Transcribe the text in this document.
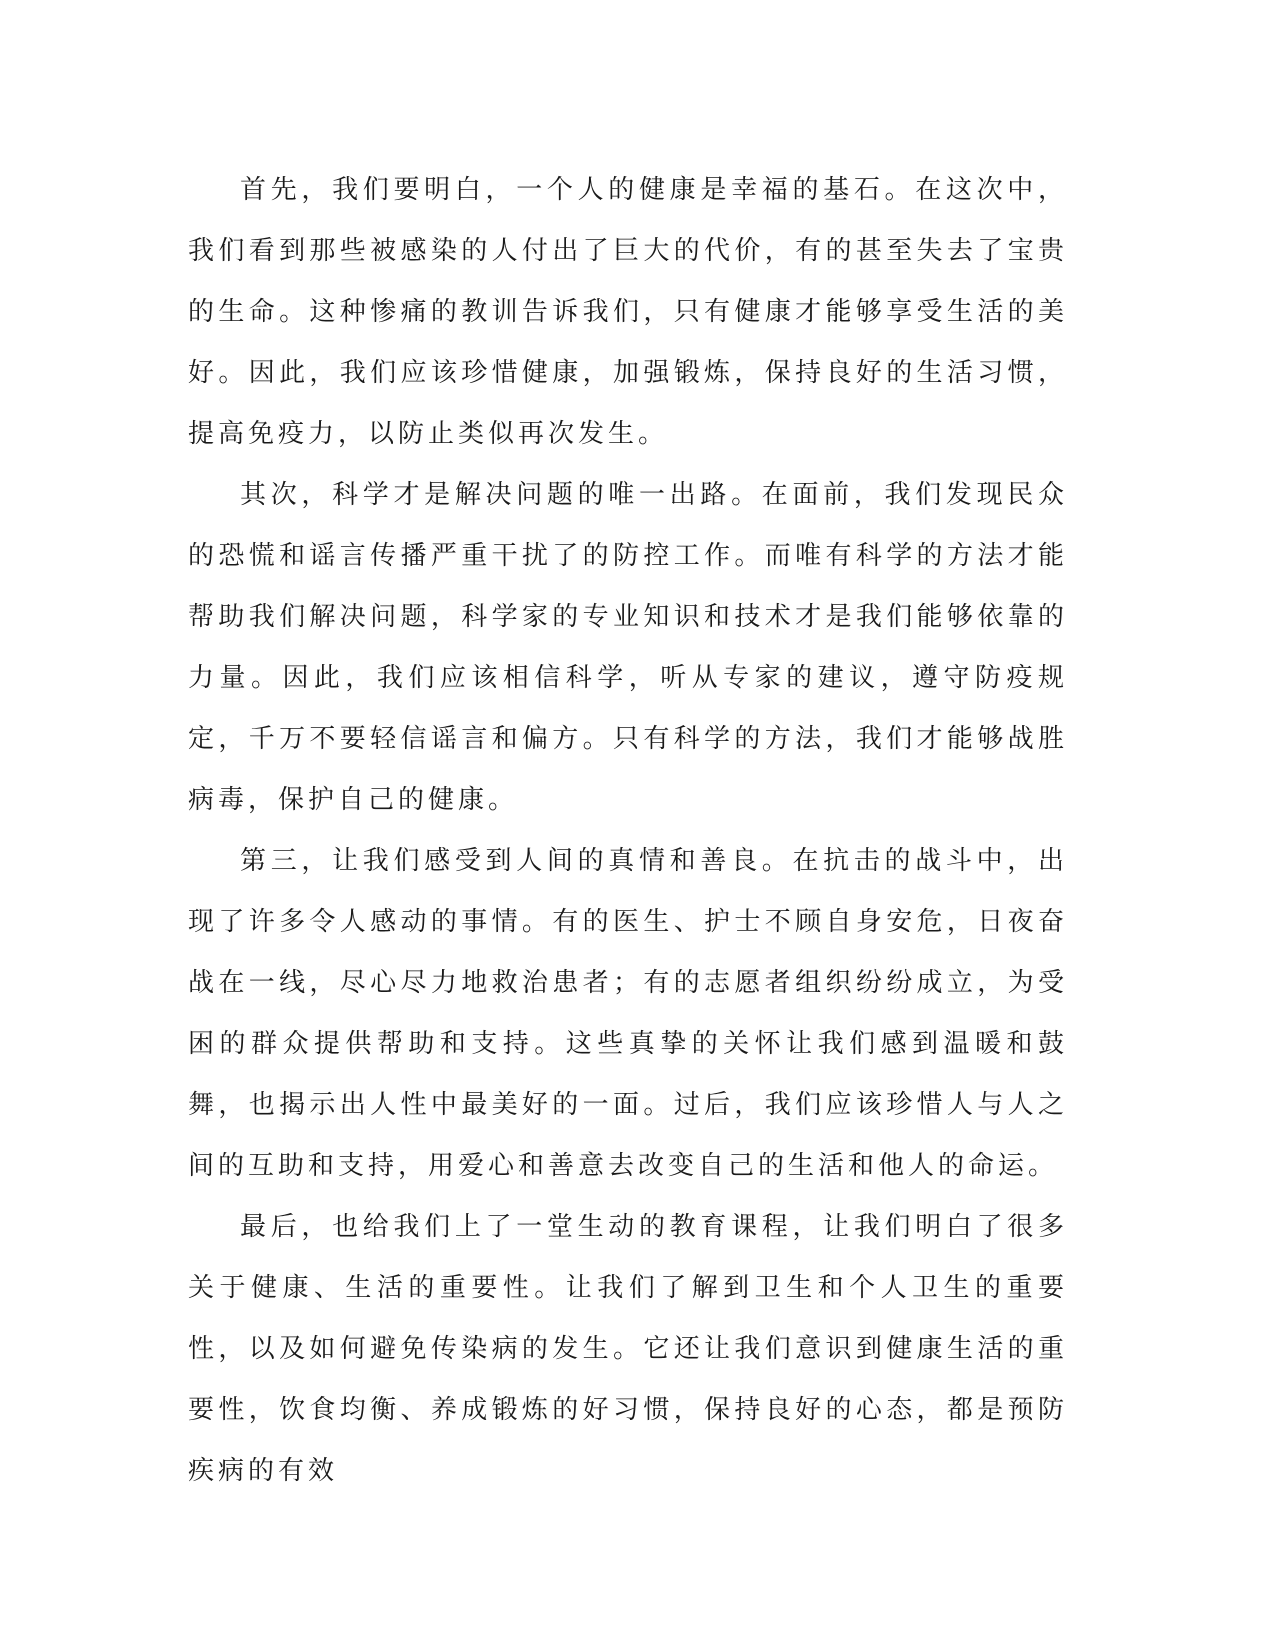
首先，我们要明白，一个人的健康是幸福的基石。在这次中，我们看到那些被感染的人付出了巨大的代价，有的甚至失去了宝贵的生命。这种惨痛的教训告诉我们，只有健康才能够享受生活的美好。因此，我们应该珍惜健康，加强锻炼，保持良好的生活习惯，提高免疫力，以防止类似再次发生。

其次，科学才是解决问题的唯一出路。在面前，我们发现民众的恐慌和谣言传播严重干扰了的防控工作。而唯有科学的方法才能帮助我们解决问题，科学家的专业知识和技术才是我们能够依靠的力量。因此，我们应该相信科学，听从专家的建议，遵守防疫规定，千万不要轻信谣言和偏方。只有科学的方法，我们才能够战胜病毒，保护自己的健康。

第三，让我们感受到人间的真情和善良。在抗击的战斗中，出现了许多令人感动的事情。有的医生、护士不顾自身安危，日夜奋战在一线，尽心尽力地救治患者；有的志愿者组织纷纷成立，为受困的群众提供帮助和支持。这些真挚的关怀让我们感到温暖和鼓舞，也揭示出人性中最美好的一面。过后，我们应该珍惜人与人之间的互助和支持，用爱心和善意去改变自己的生活和他人的命运。

最后，也给我们上了一堂生动的教育课程，让我们明白了很多关于健康、生活的重要性。让我们了解到卫生和个人卫生的重要性，以及如何避免传染病的发生。它还让我们意识到健康生活的重要性，饮食均衡、养成锻炼的好习惯，保持良好的心态，都是预防疾病的有效
